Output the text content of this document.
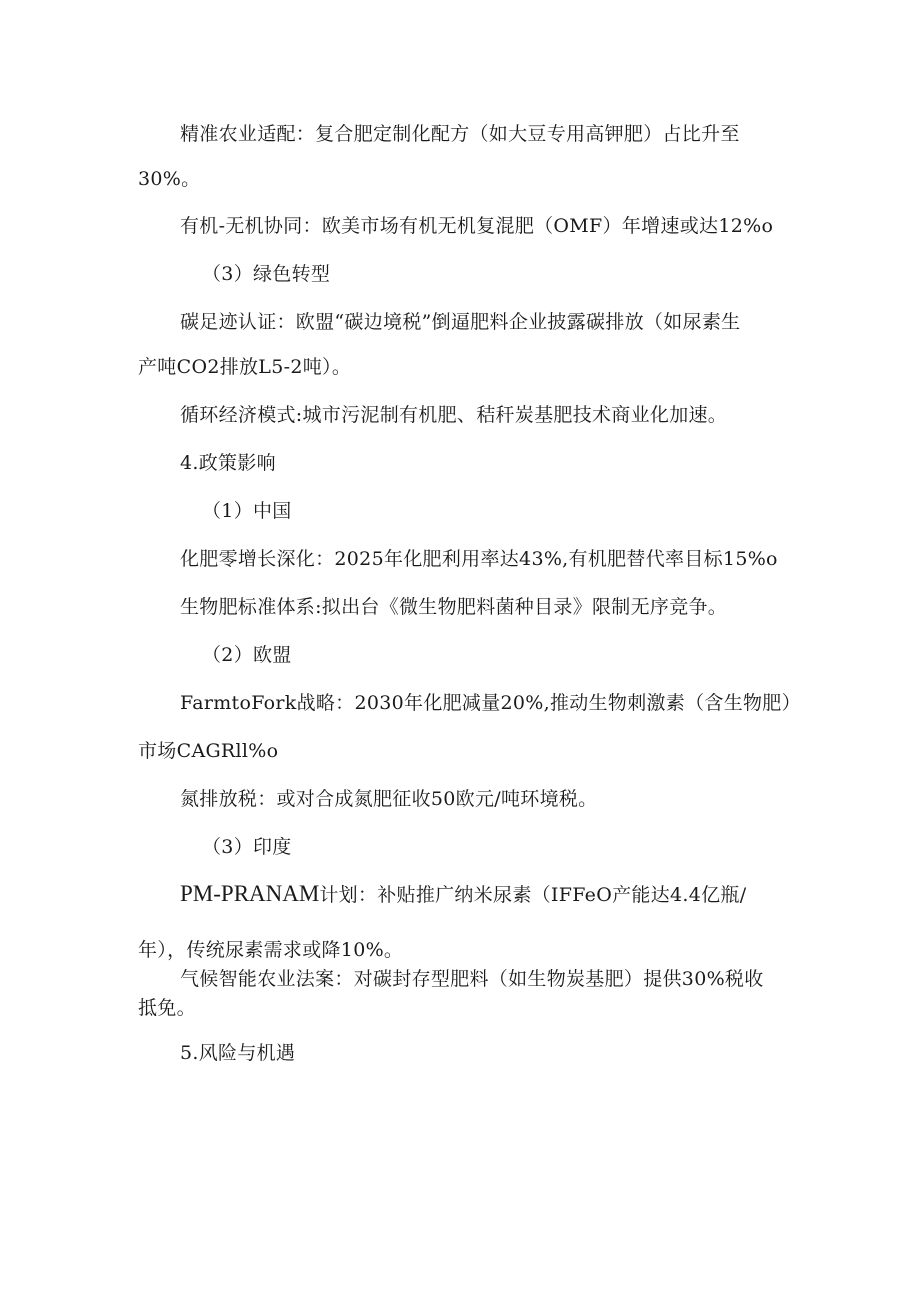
精准农业适配：复合肥定制化配方（如大豆专用高钾肥）占比升至
30%。
有机-无机协同：欧美市场有机无机复混肥（OMF）年增速或达12%o
（3）绿色转型
碳足迹认证：欧盟“碳边境税”倒逼肥料企业披露碳排放（如尿素生
产吨CO2排放L5-2吨）。
循环经济模式:城市污泥制有机肥、秸秆炭基肥技术商业化加速。
4.政策影响
（1）中国
化肥零增长深化：2025年化肥利用率达43%,有机肥替代率目标15%o
生物肥标准体系:拟出台《微生物肥料菌种目录》限制无序竞争。
（2）欧盟
FarmtoFork战略：2030年化肥减量20%,推动生物刺激素（含生物肥）
市场CAGRll%o
氮排放税：或对合成氮肥征收50欧元/吨环境税。
（3）印度
PM-PRANAM计划：补贴推广纳米尿素（IFFeO产能达4.4亿瓶/
年），传统尿素需求或降10%。
气候智能农业法案：对碳封存型肥料（如生物炭基肥）提供30%税收
抵免。
5.风险与机遇
